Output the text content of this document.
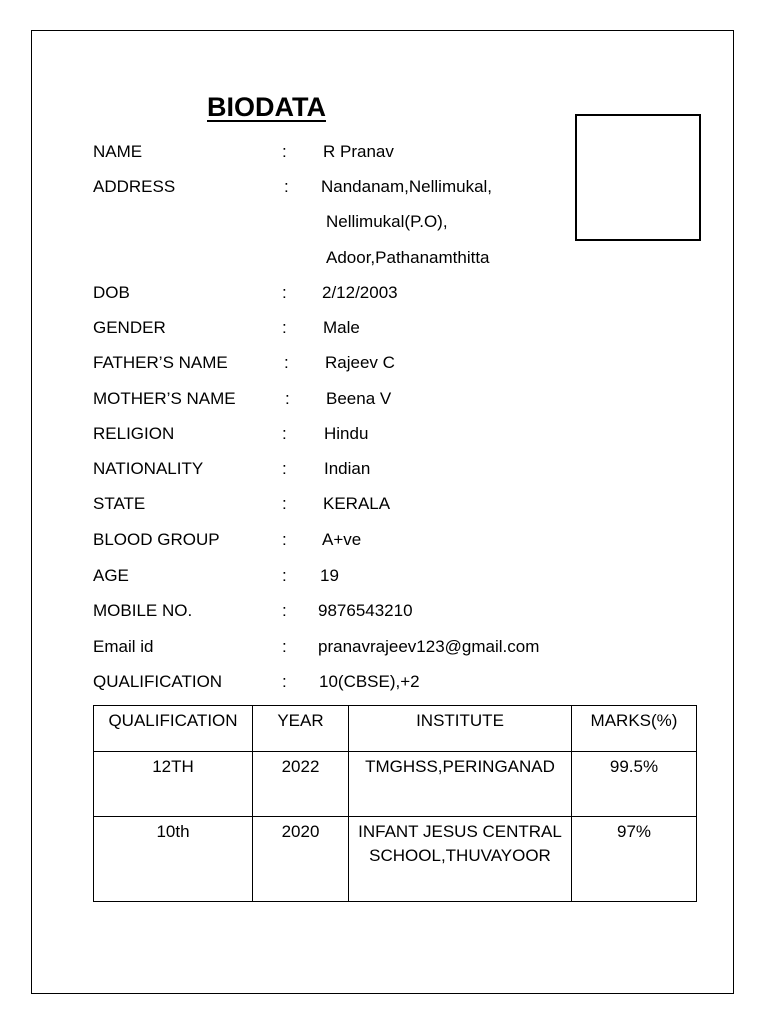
BIODATA
NAME	: R Pranav
ADDRESS	: Nandanam,Nellimukal,
Nellimukal(P.O),
Adoor,Pathanamthitta
DOB	: 2/12/2003
GENDER	: Male
FATHER’S NAME	: Rajeev C
MOTHER’S NAME	: Beena V
RELIGION	: Hindu
NATIONALITY	: Indian
STATE	: KERALA
BLOOD GROUP	: A+ve
AGE	: 19
MOBILE NO.	: 9876543210
Email id	: pranavrajeev123@gmail.com
QUALIFICATION	: 10(CBSE),+2
QUALIFICATION	YEAR	INSTITUTE	MARKS(%)
12TH	2022	TMGHSS,PERINGANAD	99.5%
10th	2020	INFANT JESUS CENTRAL SCHOOL,THUVAYOOR	97%
